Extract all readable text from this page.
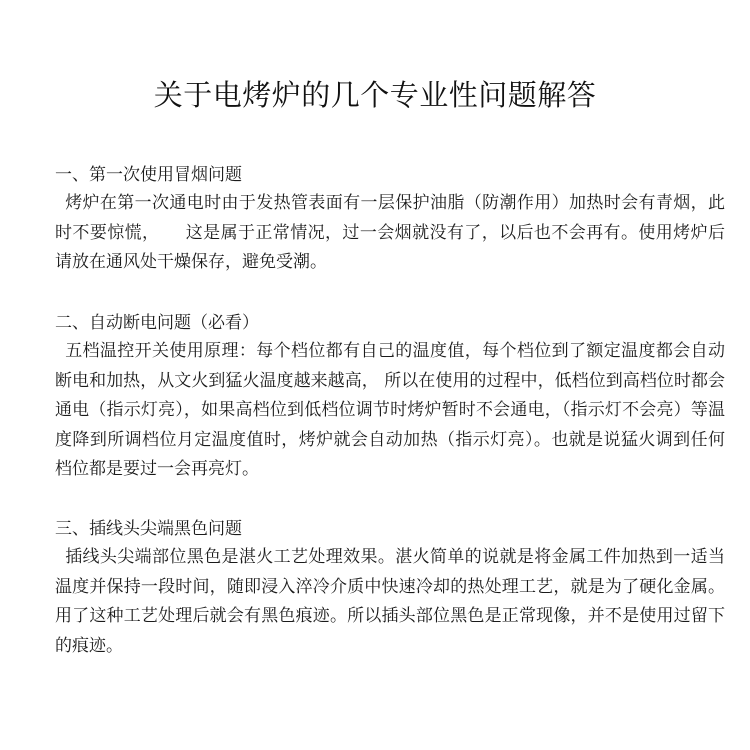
关于电烤炉的几个专业性问题解答

一、第一次使用冒烟问题

烤炉在第一次通电时由于发热管表面有一层保护油脂（防潮作用）加热时会有青烟，此时不要惊慌，　　这是属于正常情况，过一会烟就没有了，以后也不会再有。使用烤炉后请放在通风处干燥保存，避免受潮。

二、自动断电问题（必看）

五档温控开关使用原理：每个档位都有自己的温度值，每个档位到了额定温度都会自动断电和加热，从文火到猛火温度越来越高， 所以在使用的过程中，低档位到高档位时都会通电（指示灯亮），如果高档位到低档位调节时烤炉暂时不会通电，（指示灯不会亮）等温度降到所调档位月定温度值时，烤炉就会自动加热（指示灯亮）。也就是说猛火调到任何档位都是要过一会再亮灯。

三、插线头尖端黑色问题

插线头尖端部位黑色是湛火工艺处理效果。湛火简单的说就是将金属工件加热到一适当温度并保持一段时间，随即浸入淬冷介质中快速冷却的热处理工艺，就是为了硬化金属。用了这种工艺处理后就会有黑色痕迹。所以插头部位黑色是正常现像，并不是使用过留下的痕迹。
